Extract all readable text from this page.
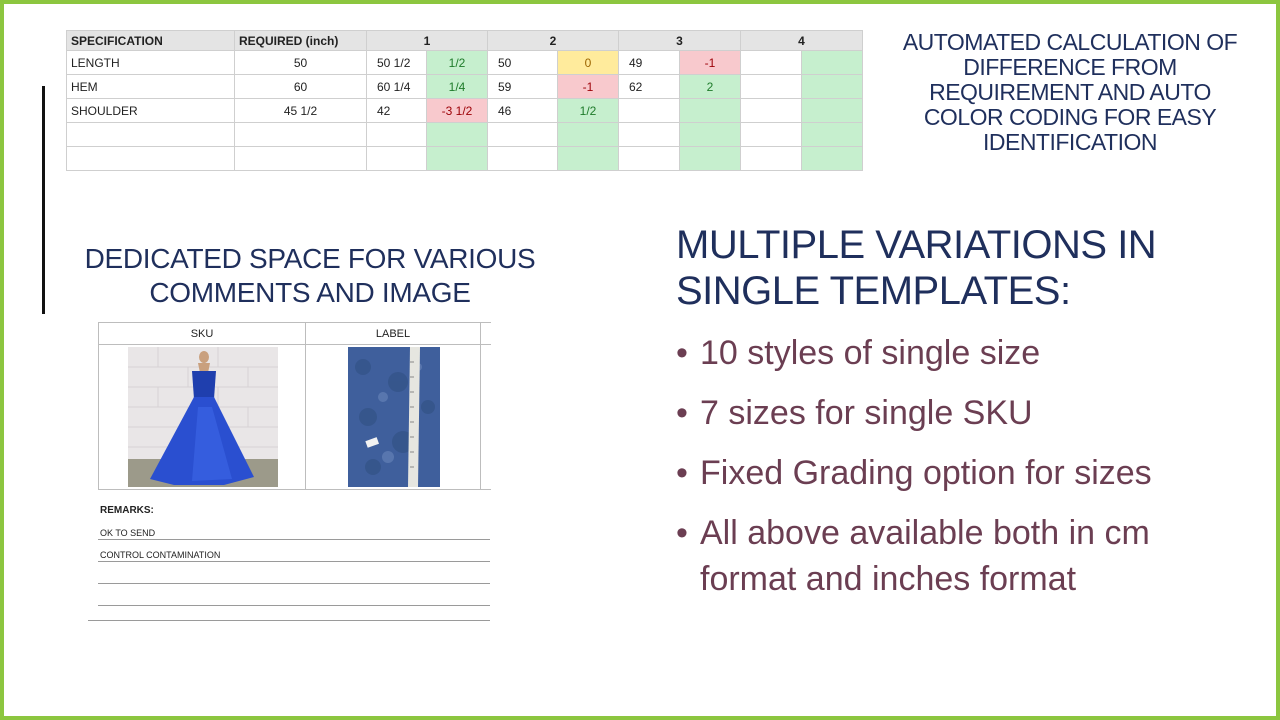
SPECIFICATION	REQUIRED (inch)	1		2		3		4	
LENGTH	50	50 1/2	1/2	50	0	49	-1		
HEM	60	60 1/4	1/4	59	-1	62	2		
SHOULDER	45 1/2	42	-3 1/2	46	1/2				

AUTOMATED CALCULATION OF DIFFERENCE FROM REQUIREMENT AND AUTO COLOR CODING FOR EASY IDENTIFICATION
DEDICATED SPACE FOR VARIOUS COMMENTS AND IMAGE
SKU	LABEL
REMARKS:
OK TO SEND
CONTROL CONTAMINATION
MULTIPLE VARIATIONS IN SINGLE TEMPLATES:
• 10 styles of single size
• 7 sizes for single SKU
• Fixed Grading option for sizes
• All above available both in cm format and inches format
